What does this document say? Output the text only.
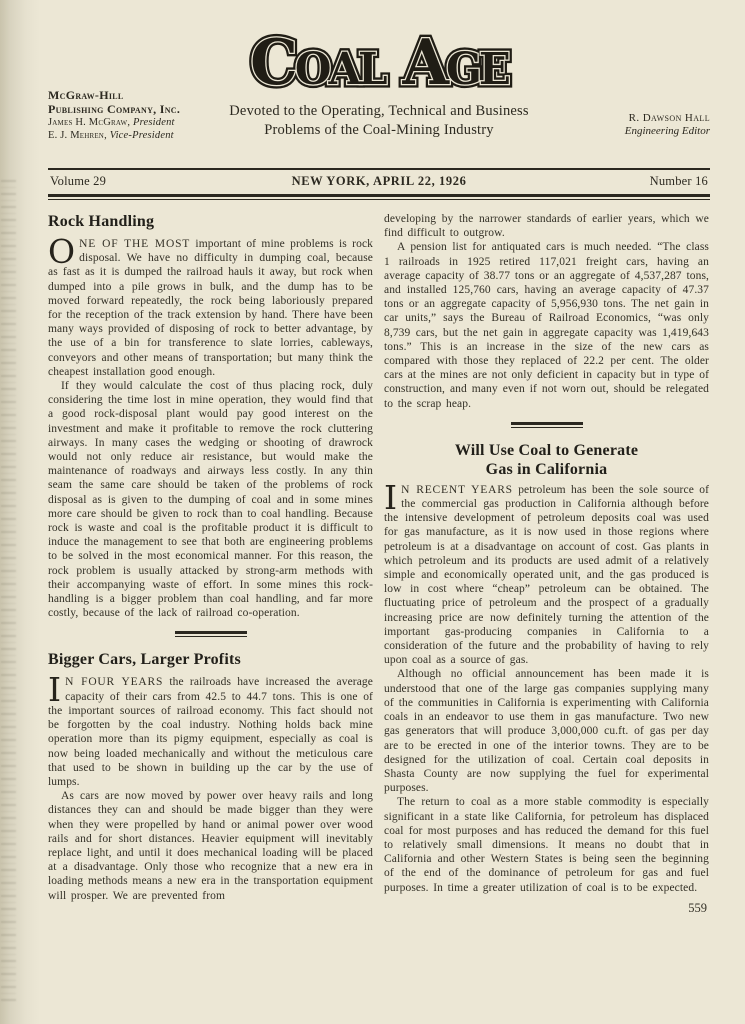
Coal Age Coal Age Coal Age
McGraw-Hill
Publishing Company, Inc.
James H. McGraw, President
E. J. Mehren, Vice-President
Devoted to the Operating, Technical and Business
Problems of the Coal-Mining Industry
R. Dawson Hall
Engineering Editor
Volume 29	NEW YORK, APRIL 22, 1926	Number 16
Rock Handling

ONE OF THE MOST important of mine problems is rock disposal. We have no difficulty in dumping coal, because as fast as it is dumped the railroad hauls it away, but rock when dumped into a pile grows in bulk, and the dump has to be moved forward repeatedly, the rock being laboriously prepared for the reception of the track extension by hand. There have been many ways provided of disposing of rock to better advantage, by the use of a bin for transference to slate lorries, cableways, conveyors and other means of transportation; but many think the cheapest installation good enough.

If they would calculate the cost of thus placing rock, duly considering the time lost in mine operation, they would find that a good rock-disposal plant would pay good interest on the investment and make it profitable to remove the rock cluttering airways. In many cases the wedging or shooting of drawrock would not only reduce air resistance, but would make the maintenance of roadways and airways less costly. In any thin seam the same care should be taken of the problems of rock disposal as is given to the dumping of coal and in some mines more care should be given to rock than to coal handling. Because rock is waste and coal is the profitable product it is difficult to induce the management to see that both are engineering problems to be solved in the most economical manner. For this reason, the rock problem is usually attacked by strong-arm methods with their accompanying waste of effort. In some mines this rock-handling is a bigger problem than coal handling, and far more costly, because of the lack of railroad co-operation.

Bigger Cars, Larger Profits

I N FOUR YEARS the railroads have increased the average capacity of their cars from 42.5 to 44.7 tons. This is one of the important sources of railroad economy. This fact should not be forgotten by the coal industry. Nothing holds back mine operation more than its pigmy equipment, especially as coal is now being loaded mechanically and without the meticulous care that used to be shown in building up the car by the use of lumps.

As cars are now moved by power over heavy rails and long distances they can and should be made bigger than they were when they were propelled by hand or animal power over wood rails and for short distances. Heavier equipment will inevitably replace light, and until it does mechanical loading will be placed at a disadvantage. Only those who recognize that a new era in loading methods means a new era in the transportation equipment will prosper. We are prevented from

developing by the narrower standards of earlier years, which we find difficult to outgrow.

A pension list for antiquated cars is much needed. “The class 1 railroads in 1925 retired 117,021 freight cars, having an average capacity of 38.77 tons or an aggregate of 4,537,287 tons, and installed 125,760 cars, having an average capacity of 47.37 tons or an aggregate capacity of 5,956,930 tons. The net gain in car units,” says the Bureau of Railroad Economics, “was only 8,739 cars, but the net gain in aggregate capacity was 1,419,643 tons.” This is an increase in the size of the new cars as compared with those they replaced of 22.2 per cent. The older cars at the mines are not only deficient in capacity but in type of construction, and many even if not worn out, should be relegated to the scrap heap.

Will Use Coal to Generate
Gas in California

I N RECENT YEARS petroleum has been the sole source of the commercial gas production in California although before the intensive development of petroleum deposits coal was used for gas manufacture, as it is now used in those regions where petroleum is at a disadvantage on account of cost. Gas plants in which petroleum and its products are used admit of a relatively simple and economically operated unit, and the gas produced is low in cost where “cheap” petroleum can be obtained. The fluctuating price of petroleum and the prospect of a gradually increasing price are now definitely turning the attention of the important gas-producing companies in California to a consideration of the future and the probability of having to rely upon coal as a source of gas.

Although no official announcement has been made it is understood that one of the large gas companies supplying many of the communities in California is experimenting with California coals in an endeavor to use them in gas manufacture. Two new gas generators that will produce 3,000,000 cu.ft. of gas per day are to be erected in one of the interior towns. They are to be designed for the utilization of coal. Certain coal deposits in Shasta County are now supplying the fuel for experimental purposes.

The return to coal as a more stable commodity is especially significant in a state like California, for petroleum has displaced coal for most purposes and has reduced the demand for this fuel to relatively small dimensions. It means no doubt that in California and other Western States is being seen the beginning of the end of the dominance of petroleum for gas and fuel purposes. In time a greater utilization of coal is to be expected.

559
